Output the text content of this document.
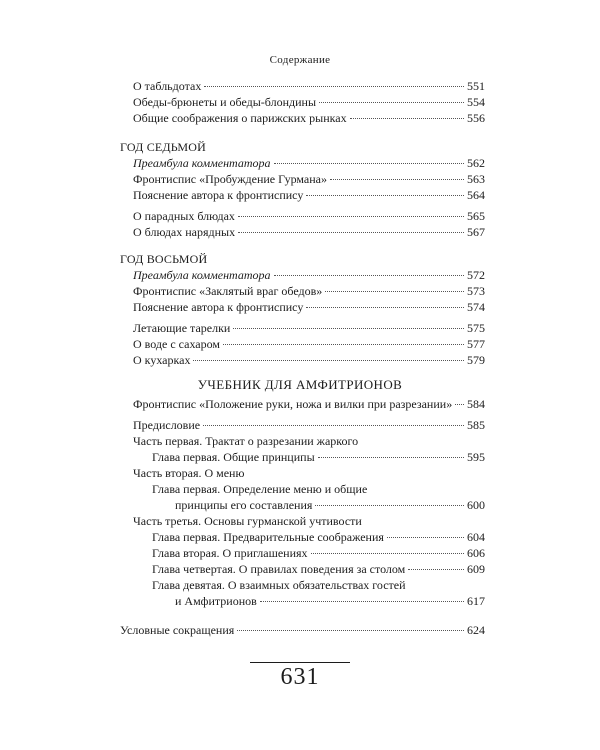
Содержание
О табльдотах	551
Обеды-брюнеты и обеды-блондины	554
Общие соображения о парижских рынках	556
ГОД СЕДЬМОЙ
Преамбула комментатора	562
Фронтиспис «Пробуждение Гурмана»	563
Пояснение автора к фронтиспису	564
О парадных блюдах	565
О блюдах нарядных	567
ГОД ВОСЬМОЙ
Преамбула комментатора	572
Фронтиспис «Заклятый враг обедов»	573
Пояснение автора к фронтиспису	574
Летающие тарелки	575
О воде с сахаром	577
О кухарках	579
УЧЕБНИК ДЛЯ АМФИТРИОНОВ
Фронтиспис «Положение руки, ножа и вилки при разрезании» 584
Предисловие	585
Часть первая. Трактат о разрезании жаркого
Глава первая. Общие принципы	595
Часть вторая. О меню
Глава первая. Определение меню и общие
принципы его составления	600
Часть третья. Основы гурманской учтивости
Глава первая. Предварительные соображения	604
Глава вторая. О приглашениях	606
Глава четвертая. О правилах поведения за столом	609
Глава девятая. О взаимных обязательствах гостей
и Амфитрионов	617
Условные сокращения	624
631
